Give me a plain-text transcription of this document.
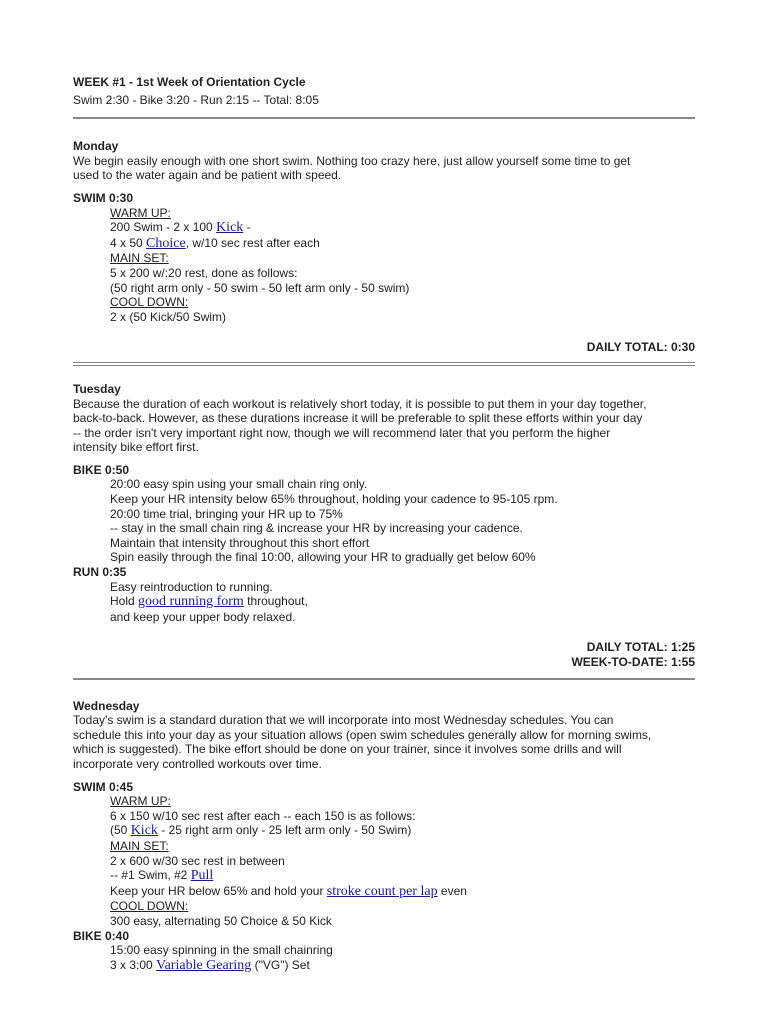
WEEK #1 - 1st Week of Orientation Cycle
Swim 2:30 - Bike 3:20 - Run 2:15 -- Total: 8:05
Monday
We begin easily enough with one short swim. Nothing too crazy here, just allow yourself some time to get
used to the water again and be patient with speed.
SWIM 0:30
WARM UP:
200 Swim - 2 x 100 Kick -
4 x 50 Choice, w/10 sec rest after each
MAIN SET:
5 x 200 w/:20 rest, done as follows:
(50 right arm only - 50 swim - 50 left arm only - 50 swim)
COOL DOWN:
2 x (50 Kick/50 Swim)
DAILY TOTAL: 0:30
Tuesday
Because the duration of each workout is relatively short today, it is possible to put them in your day together,
back-to-back. However, as these durations increase it will be preferable to split these efforts within your day
-- the order isn't very important right now, though we will recommend later that you perform the higher
intensity bike effort first.
BIKE 0:50
20:00 easy spin using your small chain ring only.
Keep your HR intensity below 65% throughout, holding your cadence to 95-105 rpm.
20:00 time trial, bringing your HR up to 75%
-- stay in the small chain ring & increase your HR by increasing your cadence.
Maintain that intensity throughout this short effort
Spin easily through the final 10:00, allowing your HR to gradually get below 60%
RUN 0:35
Easy reintroduction to running.
Hold good running form throughout,
and keep your upper body relaxed.
DAILY TOTAL: 1:25
WEEK-TO-DATE: 1:55
Wednesday
Today's swim is a standard duration that we will incorporate into most Wednesday schedules. You can
schedule this into your day as your situation allows (open swim schedules generally allow for morning swims,
which is suggested). The bike effort should be done on your trainer, since it involves some drills and will
incorporate very controlled workouts over time.
SWIM 0:45
WARM UP:
6 x 150 w/10 sec rest after each -- each 150 is as follows:
(50 Kick - 25 right arm only - 25 left arm only - 50 Swim)
MAIN SET:
2 x 600 w/30 sec rest in between
-- #1 Swim, #2 Pull
Keep your HR below 65% and hold your stroke count per lap even
COOL DOWN:
300 easy, alternating 50 Choice & 50 Kick
BIKE 0:40
15:00 easy spinning in the small chainring
3 x 3:00 Variable Gearing ("VG") Set
